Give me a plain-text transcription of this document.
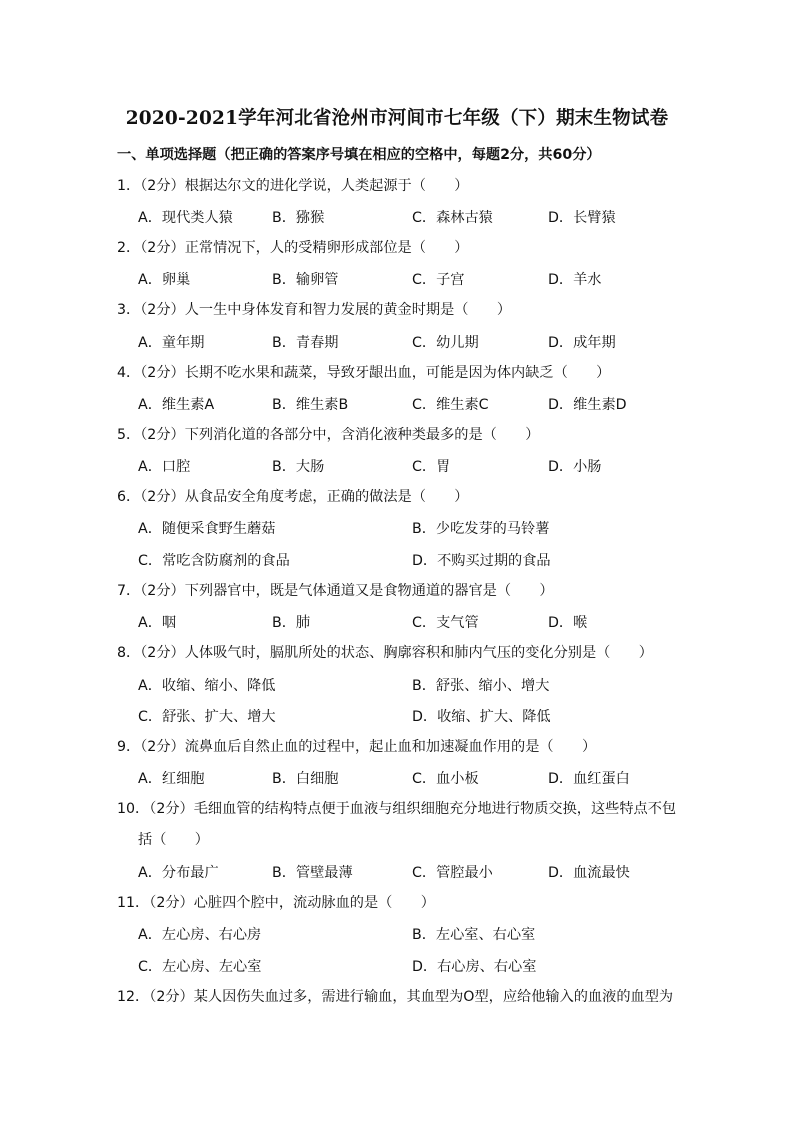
2020-2021学年河北省沧州市河间市七年级（下）期末生物试卷
一、单项选择题（把正确的答案序号填在相应的空格中，每题2分，共60分）
1．（2分）根据达尔文的进化学说，人类起源于（　　）
A．现代类人猿	B．猕猴	C．森林古猿	D．长臂猿
2．（2分）正常情况下，人的受精卵形成部位是（　　）
A．卵巢	B．输卵管	C．子宫	D．羊水
3．（2分）人一生中身体发育和智力发展的黄金时期是（　　）
A．童年期	B．青春期	C．幼儿期	D．成年期
4．（2分）长期不吃水果和蔬菜，导致牙龈出血，可能是因为体内缺乏（　　）
A．维生素A	B．维生素B	C．维生素C	D．维生素D
5．（2分）下列消化道的各部分中，含消化液种类最多的是（　　）
A．口腔	B．大肠	C．胃	D．小肠
6．（2分）从食品安全角度考虑，正确的做法是（　　）
A．随便采食野生蘑菇	B．少吃发芽的马铃薯
C．常吃含防腐剂的食品	D．不购买过期的食品
7．（2分）下列器官中，既是气体通道又是食物通道的器官是（　　）
A．咽	B．肺	C．支气管	D．喉
8．（2分）人体吸气时，膈肌所处的状态、胸廓容积和肺内气压的变化分别是（　　）
A．收缩、缩小、降低	B．舒张、缩小、增大
C．舒张、扩大、增大	D．收缩、扩大、降低
9．（2分）流鼻血后自然止血的过程中，起止血和加速凝血作用的是（　　）
A．红细胞	B．白细胞	C．血小板	D．血红蛋白
10．（2分）毛细血管的结构特点便于血液与组织细胞充分地进行物质交换，这些特点不包
括（　　）
A．分布最广	B．管壁最薄	C．管腔最小	D．血流最快
11．（2分）心脏四个腔中，流动脉血的是（　　）
A．左心房、右心房	B．左心室、右心室
C．左心房、左心室	D．右心房、右心室
12．（2分）某人因伤失血过多，需进行输血，其血型为O型，应给他输入的血液的血型为
